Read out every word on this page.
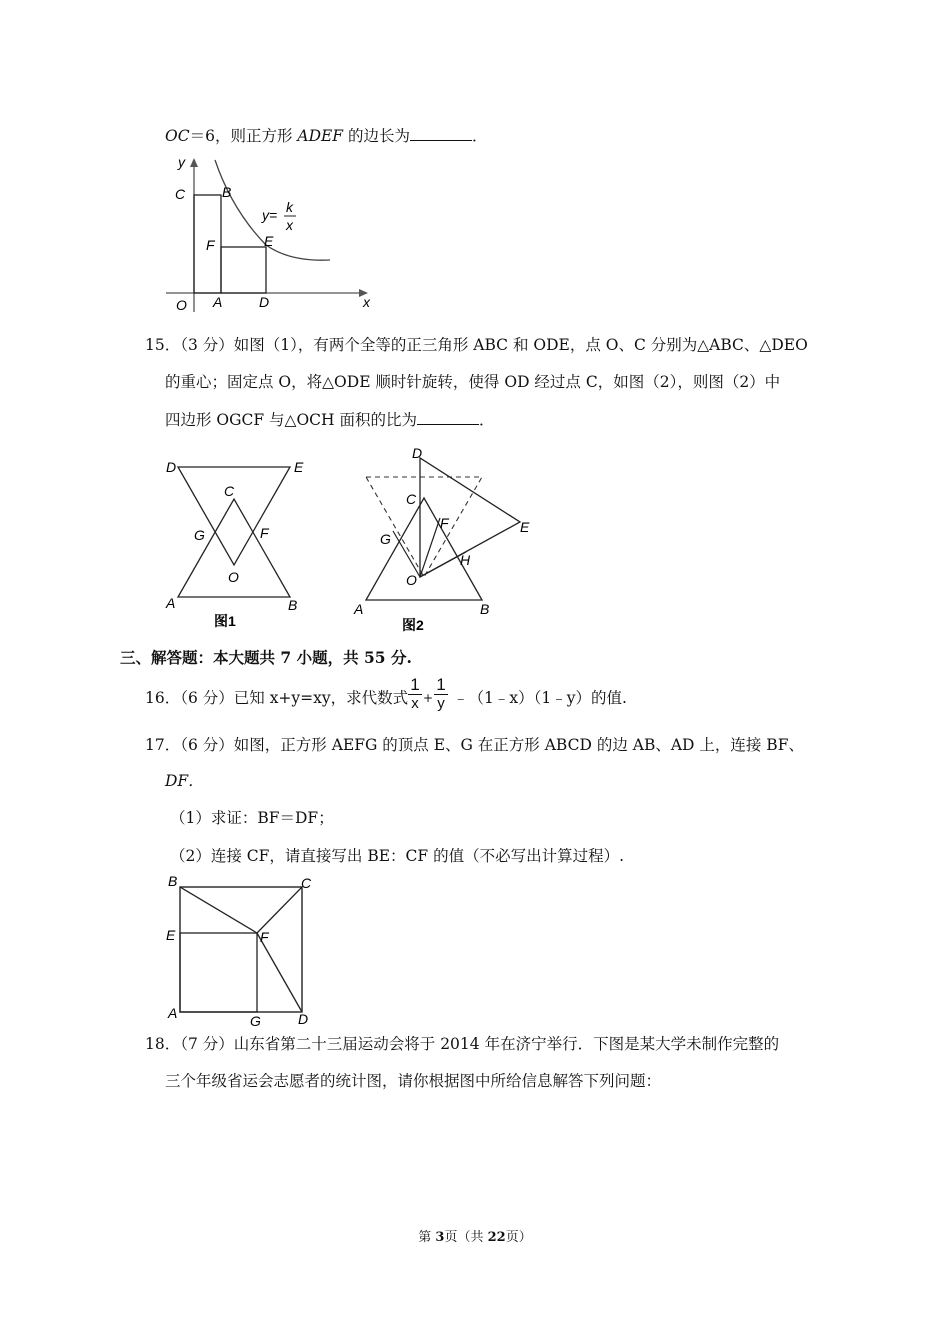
OC＝6，则正方形 ADEF 的边长为	．
y
x
C	B
F	E
O A	D
y= k
x
15．（3 分）如图（1），有两个全等的正三角形 ABC 和 ODE，点 O、C 分别为△ABC、△DEO
的重心；固定点 O，将△ODE 顺时针旋转，使得 OD 经过点 C，如图（2），则图（2）中
四边形 OGCF 与△OCH 面积的比为	．
D	E
C
G	F
O
A	B
图1
D
C
G
F	E
H
O
A	B
图2
三、解答题：本大题共 7 小题，共 55 分.
16．（6 分）已知 x+y=xy，求代数式 $\frac{1}{x} + \frac{1}{y}$ ﹣（1﹣x）（1﹣y）的值.
17．（6 分）如图，正方形 AEFG 的顶点 E、G 在正方形 ABCD 的边 AB、AD 上，连接 BF、
DF．
（1）求证：BF＝DF；
（2）连接 CF，请直接写出 BE：CF 的值（不必写出计算过程）.
B	C
E	F
A	G	D
18．（7 分）山东省第二十三届运动会将于 2014 年在济宁举行．下图是某大学未制作完整的
三个年级省运会志愿者的统计图，请你根据图中所给信息解答下列问题：
第 3页（共 22页）
